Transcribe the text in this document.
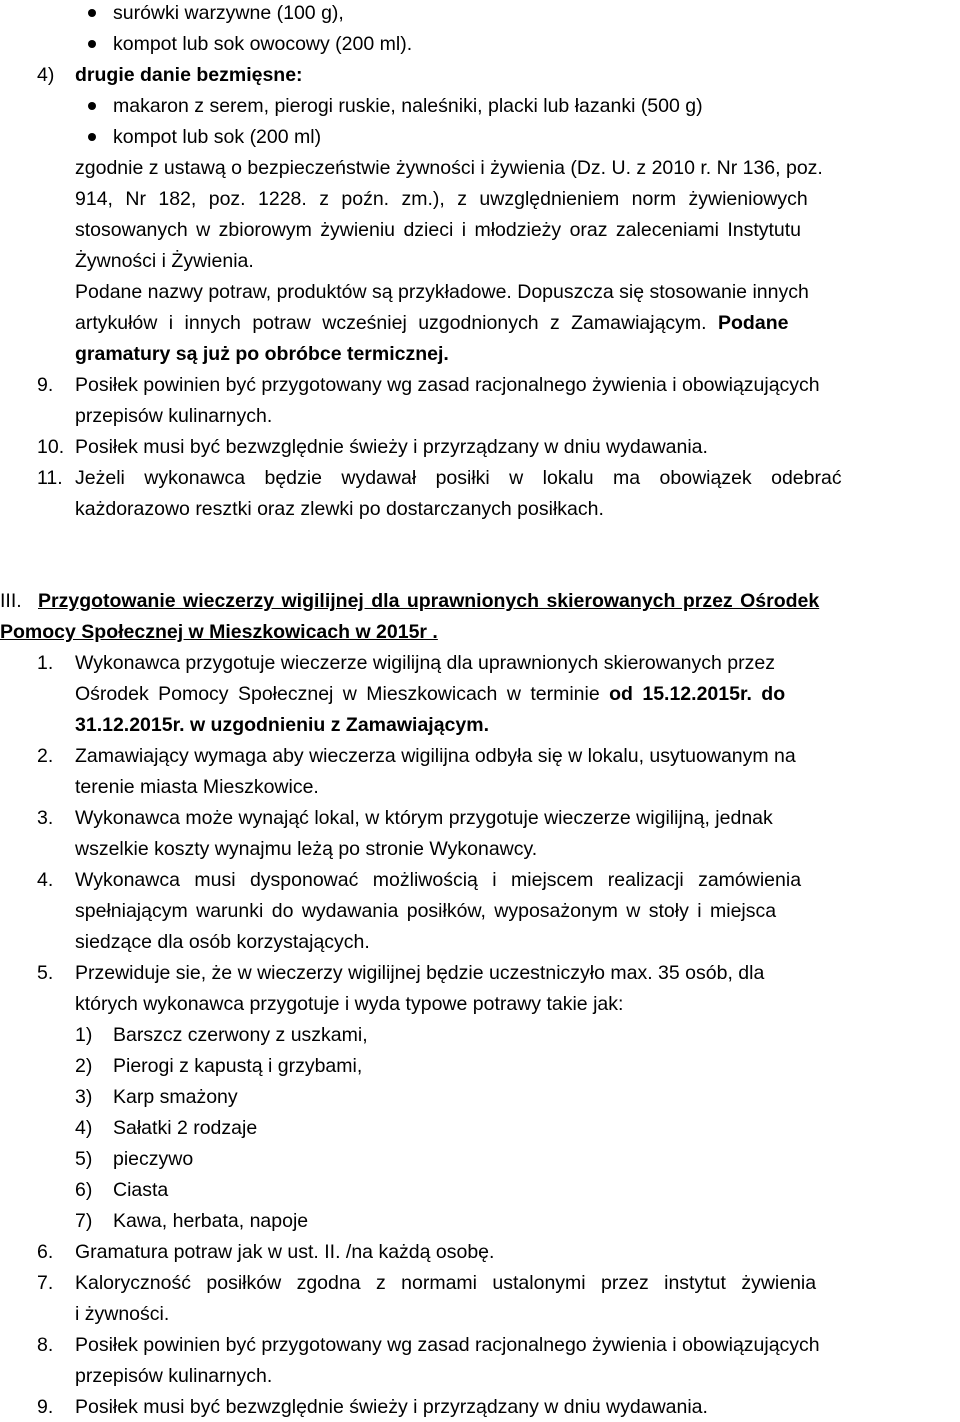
surówki warzywne (100 g),
kompot lub sok owocowy (200 ml).
4) drugie danie bezmięsne:
makaron z serem, pierogi ruskie, naleśniki, placki lub łazanki (500 g)
kompot lub sok (200 ml)
zgodnie z ustawą o bezpieczeństwie żywności i żywienia (Dz. U. z 2010 r. Nr 136, poz.
914, Nr 182, poz. 1228. z poźn. zm.), z uwzględnieniem norm żywieniowych
stosowanych w zbiorowym żywieniu dzieci i młodzieży oraz zaleceniami Instytutu
Żywności i Żywienia.
Podane nazwy potraw, produktów są przykładowe. Dopuszcza się stosowanie innych
artykułów i innych potraw wcześniej uzgodnionych z Zamawiającym. Podane
gramatury są już po obróbce termicznej.
9. Posiłek powinien być przygotowany wg zasad racjonalnego żywienia i obowiązujących
przepisów kulinarnych.
10. Posiłek musi być bezwzględnie świeży i przyrządzany w dniu wydawania.
11. Jeżeli wykonawca będzie wydawał posiłki w lokalu ma obowiązek odebrać
każdorazowo resztki oraz zlewki po dostarczanych posiłkach.
III. Przygotowanie wieczerzy wigilijnej dla uprawnionych skierowanych przez Ośrodek
Pomocy Społecznej w Mieszkowicach w 2015r .
1. Wykonawca przygotuje wieczerze wigilijną dla uprawnionych skierowanych przez
Ośrodek Pomocy Społecznej w Mieszkowicach w terminie od 15.12.2015r. do
31.12.2015r. w uzgodnieniu z Zamawiającym.
2. Zamawiający wymaga aby wieczerza wigilijna odbyła się w lokalu, usytuowanym na
terenie miasta Mieszkowice.
3. Wykonawca może wynająć lokal, w którym przygotuje wieczerze wigilijną, jednak
wszelkie koszty wynajmu leżą po stronie Wykonawcy.
4. Wykonawca musi dysponować możliwością i miejscem realizacji zamówienia
spełniającym warunki do wydawania posiłków, wyposażonym w stoły i miejsca
siedzące dla osób korzystających.
5. Przewiduje sie, że w wieczerzy wigilijnej będzie uczestniczyło max. 35 osób, dla
których wykonawca przygotuje i wyda typowe potrawy takie jak:
1) Barszcz czerwony z uszkami,
2) Pierogi z kapustą i grzybami,
3) Karp smażony
4) Sałatki 2 rodzaje
5) pieczywo
6) Ciasta
7) Kawa, herbata, napoje
6. Gramatura potraw jak w ust. II. /na każdą osobę.
7. Kaloryczność posiłków zgodna z normami ustalonymi przez instytut żywienia
i żywności.
8. Posiłek powinien być przygotowany wg zasad racjonalnego żywienia i obowiązujących
przepisów kulinarnych.
9. Posiłek musi być bezwzględnie świeży i przyrządzany w dniu wydawania.
